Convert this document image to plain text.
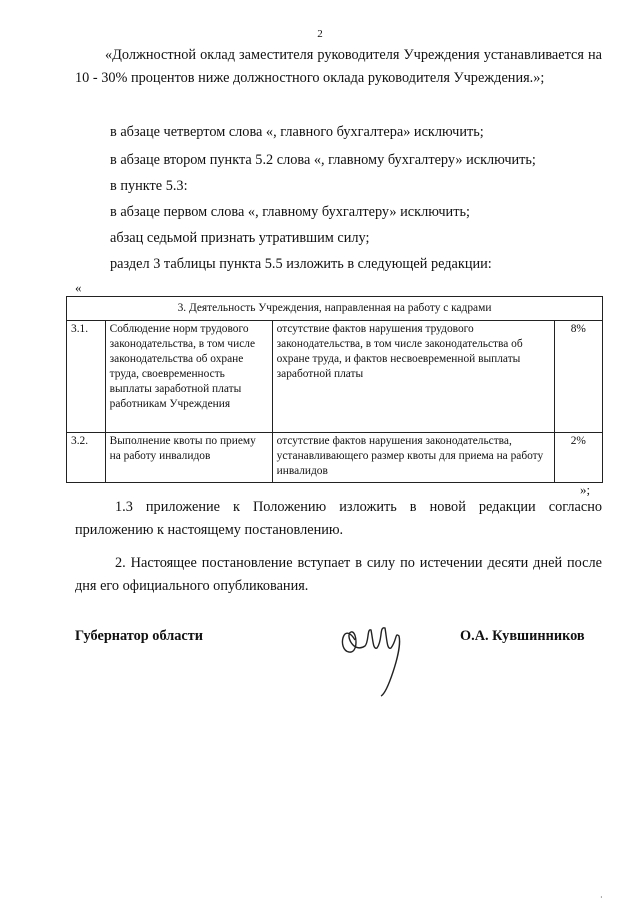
2

«Должностной оклад заместителя руководителя Учреждения устанавливается на 10 - 30% процентов ниже должностного оклада руководителя Учреждения.»;

в абзаце четвертом слова «, главного бухгалтера» исключить;
в абзаце втором пункта 5.2 слова «, главному бухгалтеру» исключить;
в пункте 5.3:
в абзаце первом слова «, главному бухгалтеру» исключить;
абзац седьмой признать утратившим силу;
раздел 3 таблицы пункта 5.5 изложить в следующей редакции:
«
3. Деятельность Учреждения, направленная на работу с кадрами			
3.1.	Соблюдение норм трудового законодательства, в том числе законодательства об охране труда, своевременность выплаты заработной платы работникам Учреждения	отсутствие фактов нарушения трудового законодательства, в том числе законодательства об охране труда, и фактов несвоевременной выплаты заработной платы	8%
3.2.	Выполнение квоты по приему на работу инвалидов	отсутствие фактов нарушения законодательства, устанавливающего размер квоты для приема на работу инвалидов	2%
»;

1.3 приложение к Положению изложить в новой редакции согласно приложению к настоящему постановлению.

2. Настоящее постановление вступает в силу по истечении десяти дней после дня его официального опубликования.

Губернатор области	О.А. Кувшинников
·
